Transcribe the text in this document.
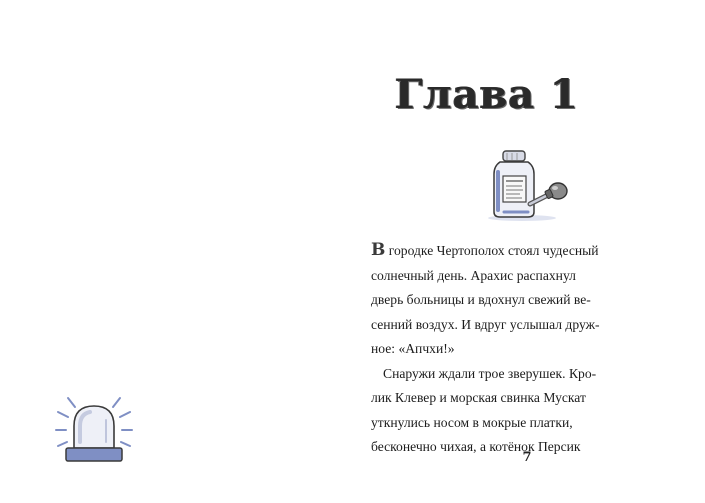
Глава 1

В городке Чертополох стоял чудесный

солнечный день. Арахис распахнул

дверь больницы и вдохнул свежий ве-

сенний воздух. И вдруг услышал друж-

ное: «Апчхи!»

Снаружи ждали трое зверушек. Кро-

лик Клевер и морская свинка Мускат

уткнулись носом в мокрые платки,

бесконечно чихая, а котёнок Персик

7
